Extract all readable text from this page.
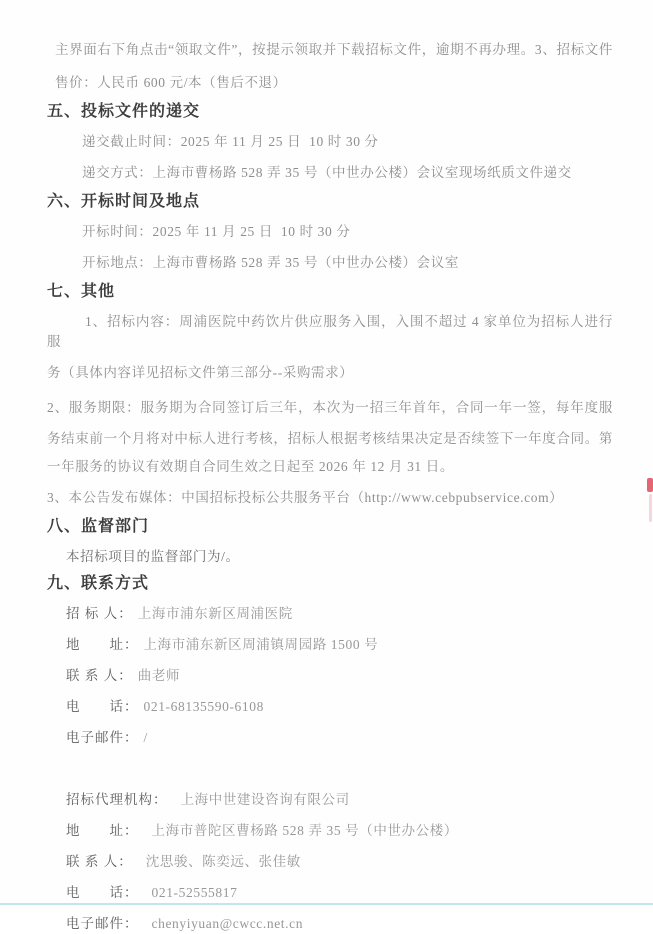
主界面右下角点击“领取文件”，按提示领取并下载招标文件，逾期不再办理。3、招标文件

售价：人民币 600 元/本（售后不退）

五、投标文件的递交

递交截止时间：2025 年 11 月 25 日  10 时 30 分

递交方式：上海市曹杨路 528 弄 35 号（中世办公楼）会议室现场纸质文件递交

六、开标时间及地点

开标时间：2025 年 11 月 25 日  10 时 30 分

开标地点：上海市曹杨路 528 弄 35 号（中世办公楼）会议室

七、其他

1、招标内容：周浦医院中药饮片供应服务入围，入围不超过 4 家单位为招标人进行服

务（具体内容详见招标文件第三部分--采购需求）

2、服务期限：服务期为合同签订后三年，本次为一招三年首年，合同一年一签，每年度服

务结束前一个月将对中标人进行考核，招标人根据考核结果决定是否续签下一年度合同。第

一年服务的协议有效期自合同生效之日起至 2026 年 12 月 31 日。

3、本公告发布媒体：中国招标投标公共服务平台（http://www.cebpubservice.com）

八、监督部门

本招标项目的监督部门为/。

九、联系方式
招 标 人： 上海市浦东新区周浦医院
地　　址： 上海市浦东新区周浦镇周园路 1500 号
联 系 人： 曲老师
电　　话： 021-68135590-6108
电子邮件： /
招标代理机构： 上海中世建设咨询有限公司
地　　址： 上海市普陀区曹杨路 528 弄 35 号（中世办公楼）
联 系 人： 沈思骏、陈奕远、张佳敏
电　　话： 021-52555817
电子邮件： chenyiyuan@cwcc.net.cn
